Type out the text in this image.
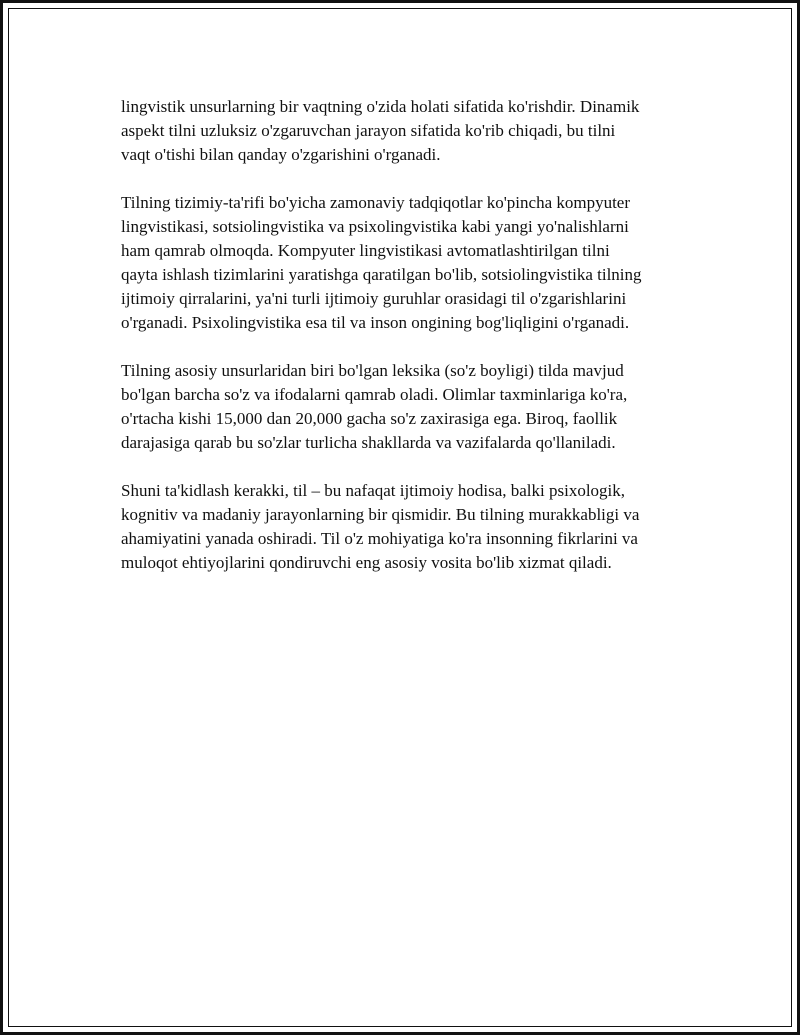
lingvistik unsurlarning bir vaqtning o'zida holati sifatida ko'rishdir. Dinamik
aspekt tilni uzluksiz o'zgaruvchan jarayon sifatida ko'rib chiqadi, bu tilni
vaqt o'tishi bilan qanday o'zgarishini o'rganadi.

Tilning tizimiy-ta'rifi bo'yicha zamonaviy tadqiqotlar ko'pincha kompyuter
lingvistikasi, sotsiolingvistika va psixolingvistika kabi yangi yo'nalishlarni
ham qamrab olmoqda. Kompyuter lingvistikasi avtomatlashtirilgan tilni
qayta ishlash tizimlarini yaratishga qaratilgan bo'lib, sotsiolingvistika tilning
ijtimoiy qirralarini, ya'ni turli ijtimoiy guruhlar orasidagi til o'zgarishlarini
o'rganadi. Psixolingvistika esa til va inson ongining bog'liqligini o'rganadi.

Tilning asosiy unsurlaridan biri bo'lgan leksika (so'z boyligi) tilda mavjud
bo'lgan barcha so'z va ifodalarni qamrab oladi. Olimlar taxminlariga ko'ra,
o'rtacha kishi 15,000 dan 20,000 gacha so'z zaxirasiga ega. Biroq, faollik
darajasiga qarab bu so'zlar turlicha shakllarda va vazifalarda qo'llaniladi.

Shuni ta'kidlash kerakki, til – bu nafaqat ijtimoiy hodisa, balki psixologik,
kognitiv va madaniy jarayonlarning bir qismidir. Bu tilning murakkabligi va
ahamiyatini yanada oshiradi. Til o'z mohiyatiga ko'ra insonning fikrlarini va
muloqot ehtiyojlarini qondiruvchi eng asosiy vosita bo'lib xizmat qiladi.
